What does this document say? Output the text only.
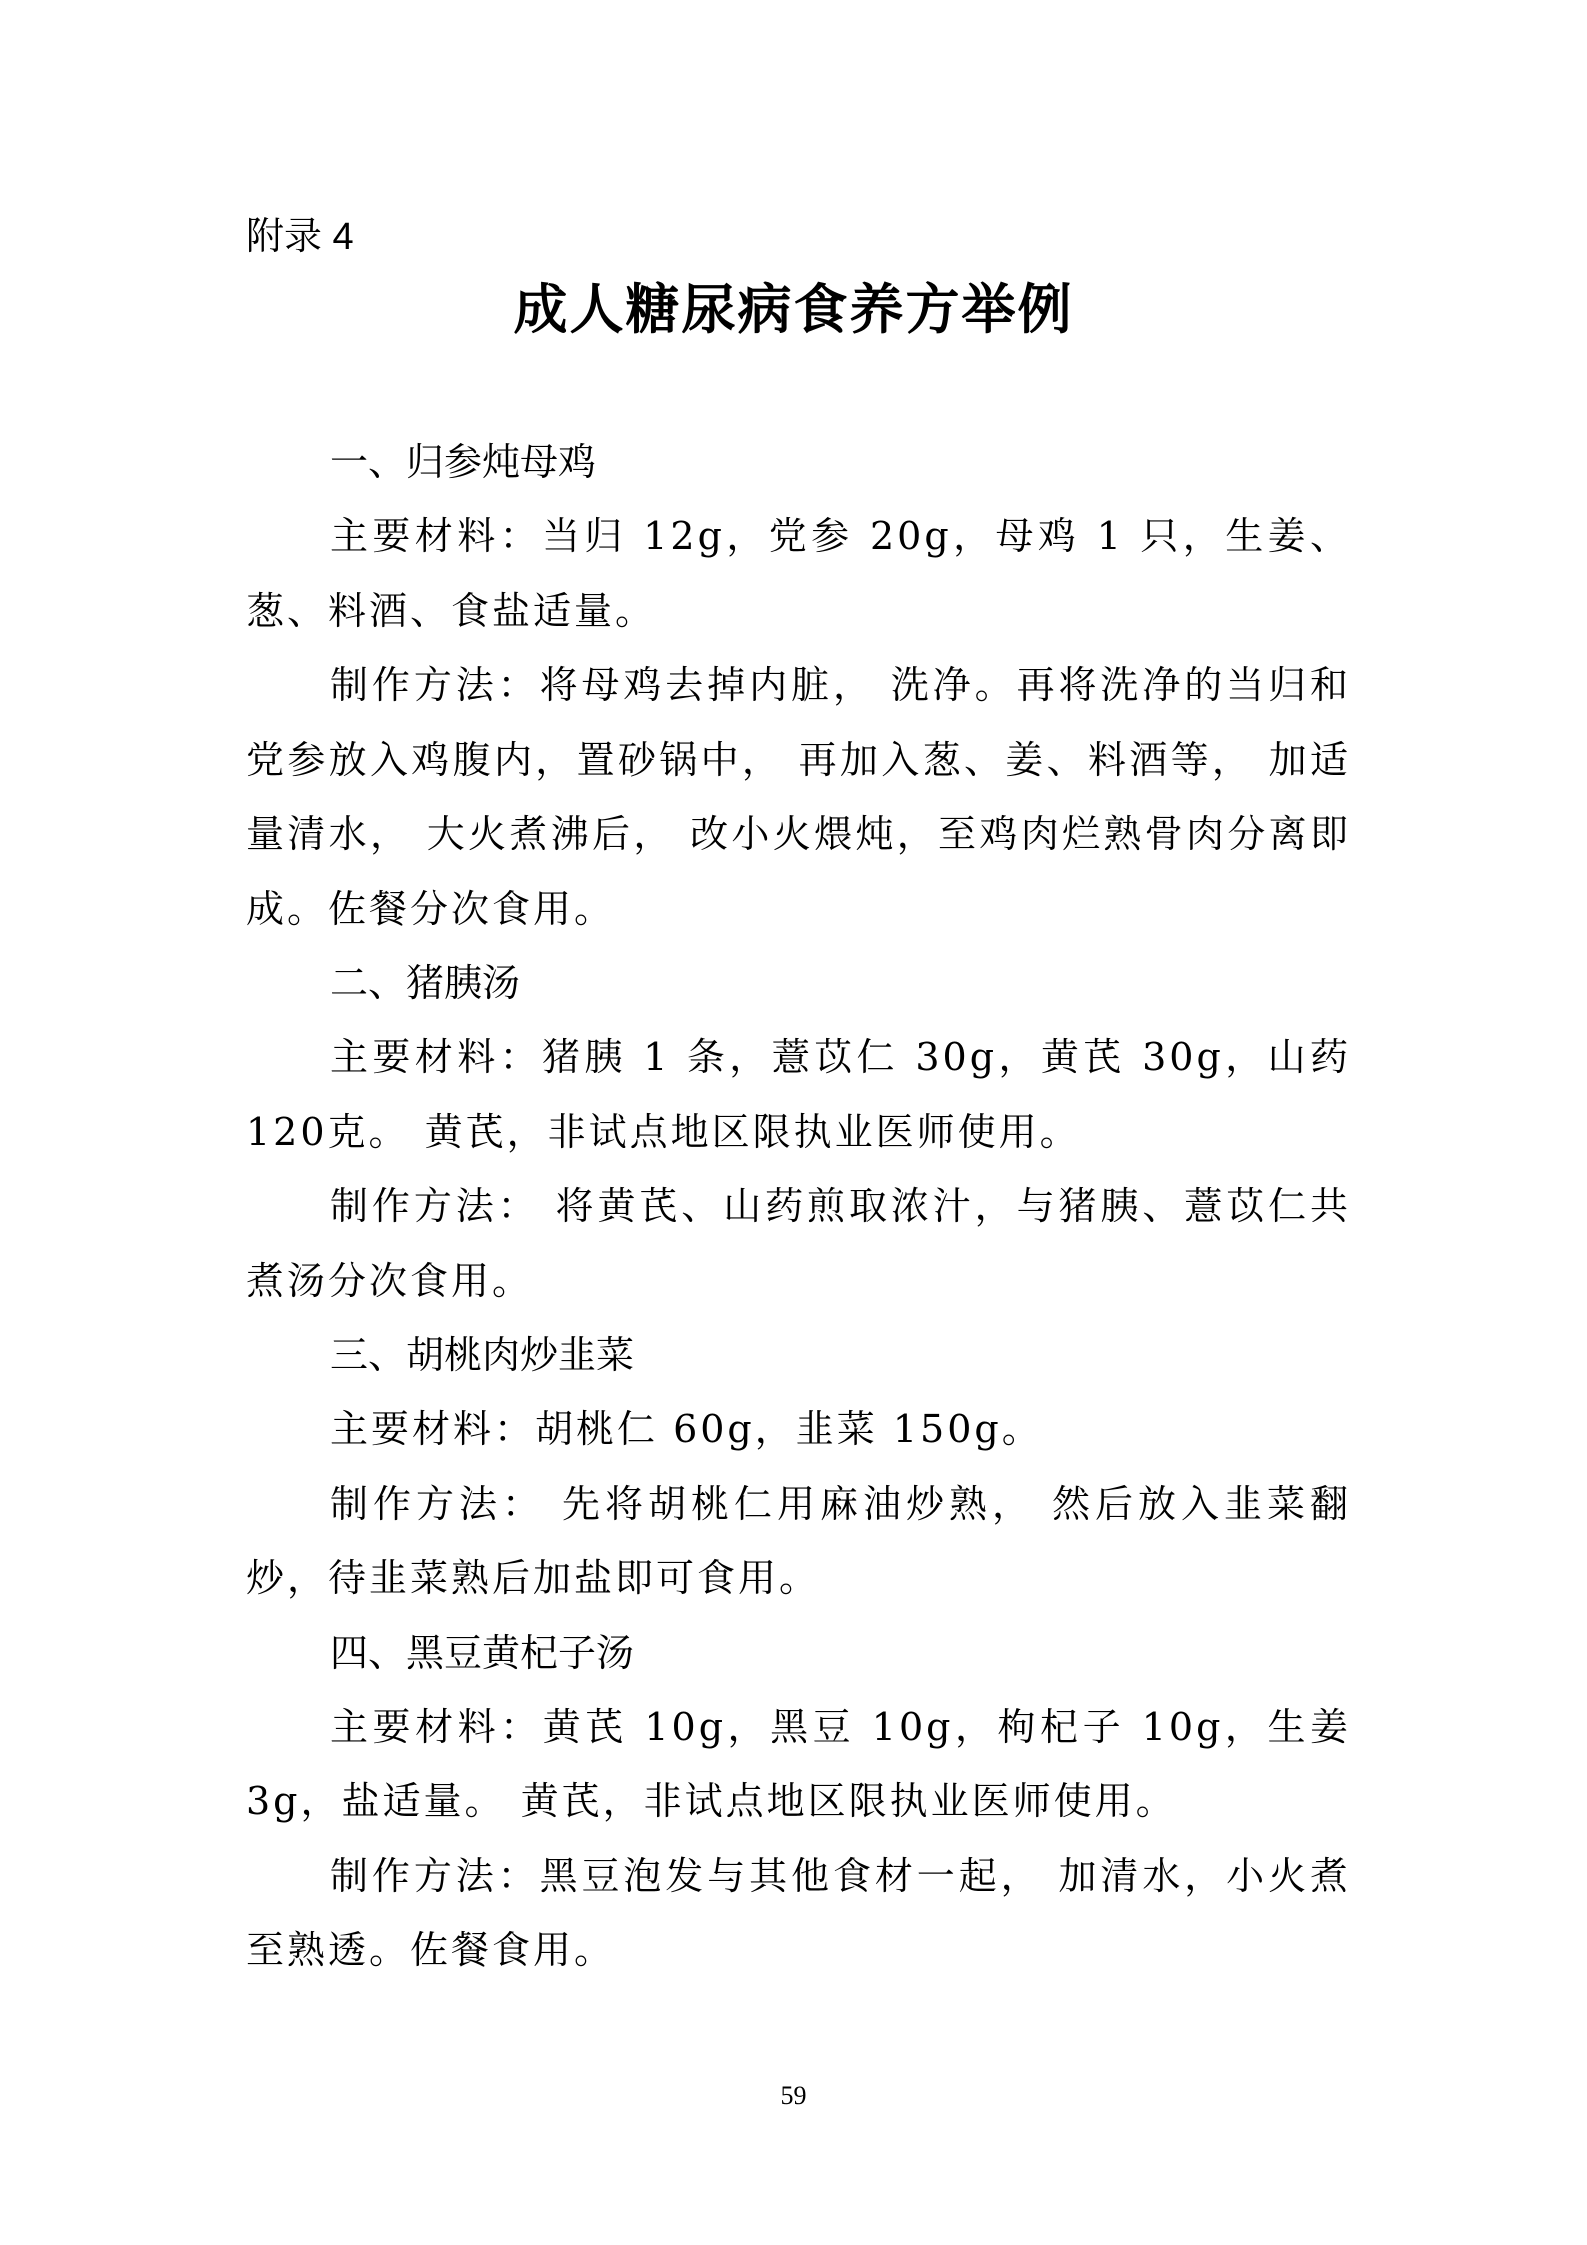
附录 4
成人糖尿病食养方举例
一、归参炖母鸡

主要材料：当归 12g，党参 20g，母鸡 1 只，生姜、葱、料酒、食盐适量。

制作方法：将母鸡去掉内脏， 洗净。再将洗净的当归和党参放入鸡腹内，置砂锅中， 再加入葱、姜、料酒等， 加适量清水， 大火煮沸后， 改小火煨炖，至鸡肉烂熟骨肉分离即成。佐餐分次食用。

二、猪胰汤

主要材料：猪胰 1 条，薏苡仁 30g，黄芪 30g，山药 120克。 黄芪，非试点地区限执业医师使用。

制作方法： 将黄芪、山药煎取浓汁，与猪胰、薏苡仁共煮汤分次食用。

三、胡桃肉炒韭菜

主要材料：胡桃仁 60g，韭菜 150g。

制作方法： 先将胡桃仁用麻油炒熟， 然后放入韭菜翻炒，待韭菜熟后加盐即可食用。

四、黑豆黄杞子汤

主要材料：黄芪 10g，黑豆 10g，枸杞子 10g，生姜 3g，盐适量。 黄芪，非试点地区限执业医师使用。

制作方法：黑豆泡发与其他食材一起， 加清水，小火煮至熟透。佐餐食用。

59
